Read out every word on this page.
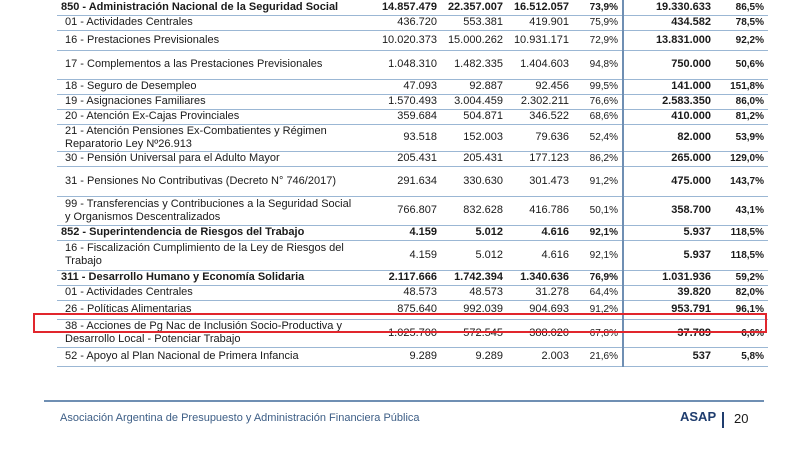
850 - Administración Nacional de la Seguridad Social	14.857.479	22.357.007	16.512.057	73,9%	19.330.633	86,5%
01 - Actividades Centrales	436.720	553.381	419.901	75,9%	434.582	78,5%
16 - Prestaciones Previsionales	10.020.373	15.000.262	10.931.171	72,9%	13.831.000	92,2%
17 - Complementos a las Prestaciones Previsionales	1.048.310	1.482.335	1.404.603	94,8%	750.000	50,6%
18 - Seguro de Desempleo	47.093	92.887	92.456	99,5%	141.000	151,8%
19 - Asignaciones Familiares	1.570.493	3.004.459	2.302.211	76,6%	2.583.350	86,0%
20 - Atención Ex-Cajas Provinciales	359.684	504.871	346.522	68,6%	410.000	81,2%
21 - Atención Pensiones Ex-Combatientes y Régimen Reparatorio Ley Nº26.913	93.518	152.003	79.636	52,4%	82.000	53,9%
30 - Pensión Universal para el Adulto Mayor	205.431	205.431	177.123	86,2%	265.000	129,0%
31 - Pensiones No Contributivas (Decreto N° 746/2017)	291.634	330.630	301.473	91,2%	475.000	143,7%
99 - Transferencias y Contribuciones a la Seguridad Social y Organismos Descentralizados	766.807	832.628	416.786	50,1%	358.700	43,1%
852 - Superintendencia de Riesgos del Trabajo	4.159	5.012	4.616	92,1%	5.937	118,5%
16 - Fiscalización Cumplimiento de la Ley de Riesgos del Trabajo	4.159	5.012	4.616	92,1%	5.937	118,5%
311 - Desarrollo Humano y Economía Solidaria	2.117.666	1.742.394	1.340.636	76,9%	1.031.936	59,2%
01 - Actividades Centrales	48.573	48.573	31.278	64,4%	39.820	82,0%
26 - Políticas Alimentarias	875.640	992.039	904.693	91,2%	953.791	96,1%
38 - Acciones de Pg Nac de Inclusión Socio-Productiva y Desarrollo Local - Potenciar Trabajo	1.025.700	572.545	388.020	67,8%	37.789	6,6%
52 - Apoyo al Plan Nacional de Primera Infancia	9.289	9.289	2.003	21,6%	537	5,8%
Asociación Argentina de Presupuesto y Administración Financiera Pública	ASAP 20
